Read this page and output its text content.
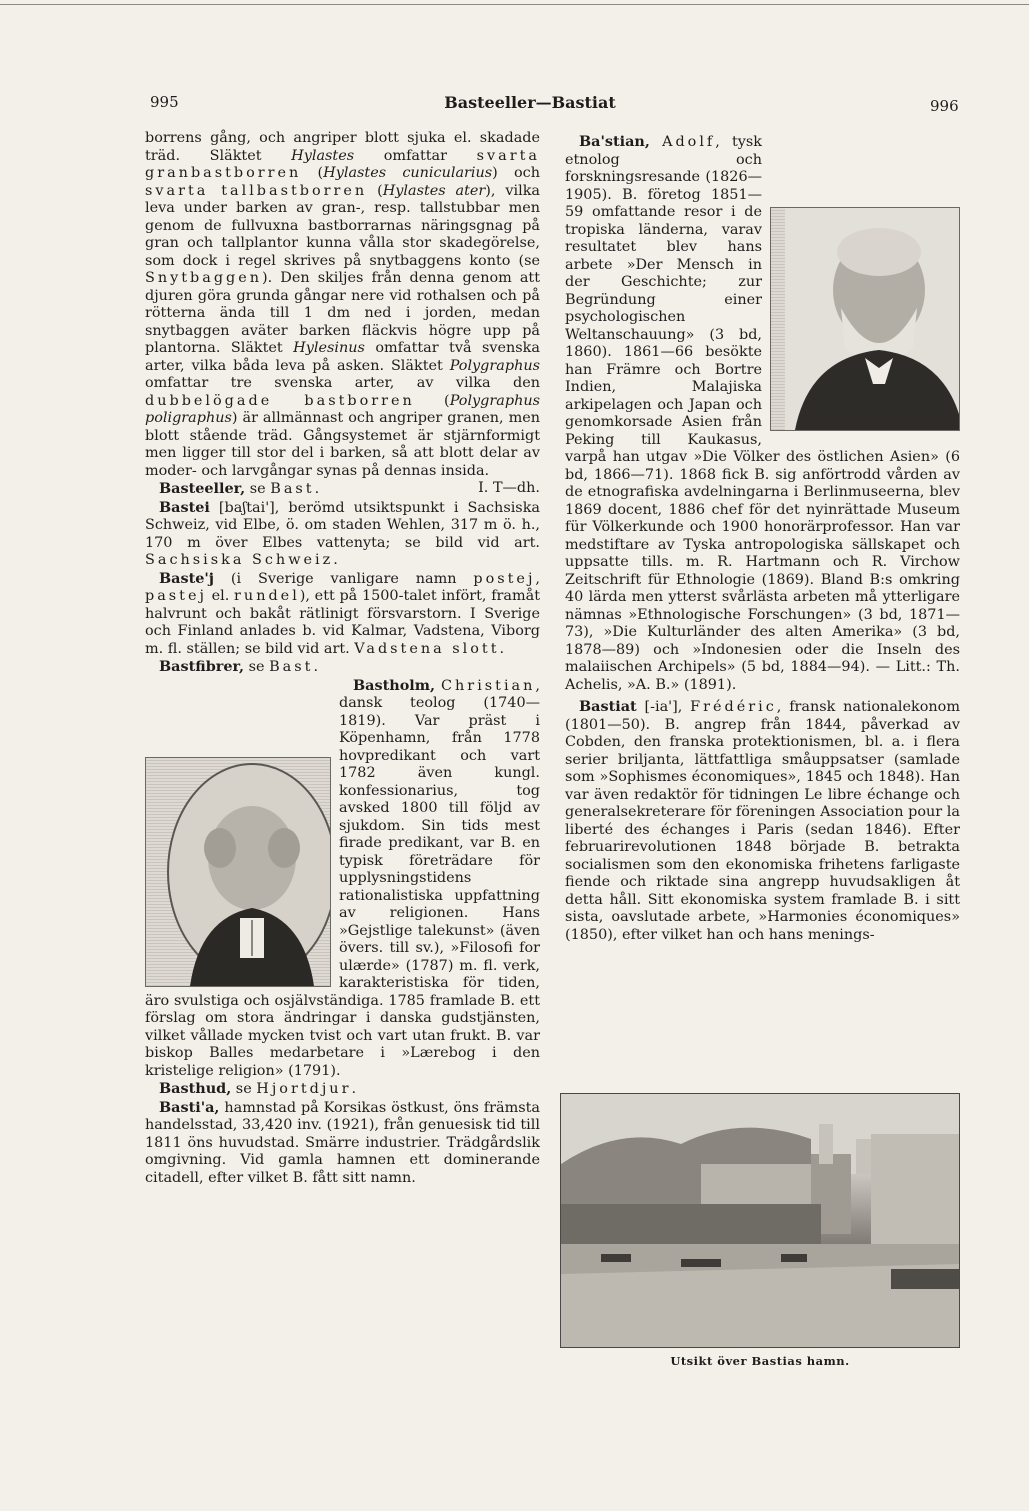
995	Basteeller—Bastiat	996

borrens gång, och angriper blott sjuka el. skadade träd. Släktet Hylastes omfattar svarta granbastborren (Hylastes cunicularius) och svarta tallbastborren (Hylastes ater), vilka leva under barken av gran-, resp. tallstubbar men genom de fullvuxna bastborrarnas näringsgnag på gran och tallplantor kunna vålla stor skadegörelse, som dock i regel skrives på snytbaggens konto (se Snytbaggen). Den skiljes från denna genom att djuren göra grunda gångar nere vid rothalsen och på rötterna ända till 1 dm ned i jorden, medan snytbaggen aväter barken fläckvis högre upp på plantorna. Släktet Hylesinus omfattar två svenska arter, vilka båda leva på asken. Släktet Polygraphus omfattar tre svenska arter, av vilka den dubbelögade bastborren (Polygraphus poligraphus) är allmännast och angriper granen, men blott stående träd. Gångsystemet är stjärnformigt men ligger till stor del i barken, så att blott delar av moder- och larvgångar synas på dennas insida.
I. T—dh.

Basteeller, se Bast.

Bastei [baʃtai'], berömd utsiktspunkt i Sachsiska Schweiz, vid Elbe, ö. om staden Wehlen, 317 m ö. h., 170 m över Elbes vattenyta; se bild vid art. Sachsiska Schweiz.

Baste'j (i Sverige vanligare namn postej, pastej el. rundel), ett på 1500-talet infört, framåt halvrunt och bakåt rätlinigt försvarstorn. I Sverige och Finland anlades b. vid Kalmar, Vadstena, Viborg m. fl. ställen; se bild vid art. Vadstena slott.

Bastfibrer, se Bast.

Bastholm, Christian
, dansk teolog (1740—1819). Var präst i Köpenhamn, från 1778 hovpredikant och vart 1782 även kungl. konfessionarius, tog avsked 1800 till följd av sjukdom. Sin tids mest firade predikant, var B. en typisk företrädare för upplysningstidens rationalistiska uppfattning av religionen. Hans »Gejstlige talekunst» (även övers. till sv.), »Filosofi for ulærde» (1787) m. fl. verk, karakteristiska för tiden, äro svulstiga och osjälvständiga. 1785 framlade B. ett förslag om stora ändringar i danska gudstjänsten, vilket vållade mycken tvist och vart utan frukt. B. var biskop Balles medarbetare i »Lærebog i den kristelige religion» (1791).

Basthud, se Hjortdjur.

Basti'a, hamnstad på Korsikas östkust, öns främsta handelsstad, 33,420 inv. (1921), från genuesisk tid till 1811 öns huvudstad. Smärre industrier. Trädgårdslik omgivning. Vid gamla hamnen ett dominerande citadell, efter vilket B. fått sitt namn.

Ba'stian, Adolf
, tysk etnolog och forskningsresande (1826—1905). B. företog 1851—59 omfattande resor i de tropiska länderna, varav resultatet blev hans arbete »Der Mensch in der Geschichte; zur Begründung einer psychologischen Weltanschauung» (3 bd, 1860). 1861—66 besökte han Främre och Bortre Indien, Malajiska arkipelagen och Japan och genomkorsade Asien från Peking till Kaukasus, varpå han utgav »Die Völker des östlichen Asien» (6 bd, 1866—71). 1868 fick B. sig anförtrodd vården av de etnografiska avdelningarna i Berlinmuseerna, blev 1869 docent, 1886 chef för det nyinrättade Museum für Völkerkunde och 1900 honorärprofessor. Han var medstiftare av Tyska antropologiska sällskapet och uppsatte tills. m. R. Hartmann och R. Virchow Zeitschrift für Ethnologie (1869). Bland B:s omkring 40 lärda men ytterst svårlästa arbeten må ytterligare nämnas »Ethnologische Forschungen» (3 bd, 1871—73), »Die Kulturländer des alten Amerika» (3 bd, 1878—89) och »Indonesien oder die Inseln des malaiischen Archipels» (5 bd, 1884—94). — Litt.: Th. Achelis, »A. B.» (1891).

Bastiat [-ia'], Frédéric, fransk nationalekonom (1801—50). B. angrep från 1844, påverkad av Cobden, den franska protektionismen, bl. a. i flera serier briljanta, lättfattliga småuppsatser (samlade som »Sophismes économiques», 1845 och 1848). Han var även redaktör för tidningen Le libre échange och generalsekreterare för föreningen Association pour la liberté des échanges i Paris (sedan 1846). Efter februarirevolutionen 1848 började B. betrakta socialismen som den ekonomiska frihetens farligaste fiende och riktade sina angrepp huvudsakligen åt detta håll. Sitt ekonomiska system framlade B. i sitt sista, oavslutade arbete, »Harmonies économiques» (1850), efter vilket han och hans menings-

Utsikt över Bastias hamn.
